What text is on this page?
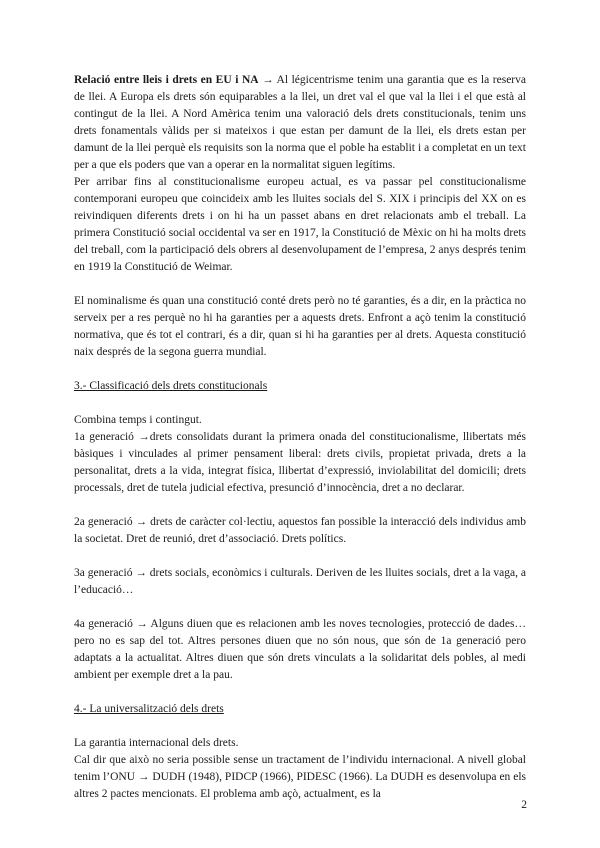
Relació entre lleis i drets en EU i NA → Al légicentrisme tenim una garantia que es la reserva de llei. A Europa els drets són equiparables a la llei, un dret val el que val la llei i el que està al contingut de la llei. A Nord Amèrica tenim una valoració dels drets constitucionals, tenim uns drets fonamentals vàlids per si mateixos i que estan per damunt de la llei, els drets estan per damunt de la llei perquè els requisits son la norma que el poble ha establit i a completat en un text per a que els poders que van a operar en la normalitat siguen legítims.

Per arribar fins al constitucionalisme europeu actual, es va passar pel constitucionalisme contemporani europeu que coincideix amb les lluites socials del S. XIX i principis del XX on es reivindiquen diferents drets i on hi ha un passet abans en dret relacionats amb el treball. La primera Constitució social occidental va ser en 1917, la Constitució de Mèxic on hi ha molts drets del treball, com la participació dels obrers al desenvolupament de l’empresa, 2 anys després tenim en 1919 la Constitució de Weimar.

El nominalisme és quan una constitució conté drets però no té garanties, és a dir, en la pràctica no serveix per a res perquè no hi ha garanties per a aquests drets. Enfront a açò tenim la constitució normativa, que és tot el contrari, és a dir, quan si hi ha garanties per al drets. Aquesta constitució naix després de la segona guerra mundial.

3.- Classificació dels drets constitucionals

Combina temps i contingut.

1a generació →drets consolidats durant la primera onada del constitucionalisme, llibertats més bàsiques i vinculades al primer pensament liberal: drets civils, propietat privada, drets a la personalitat, drets a la vida, integrat física, llibertat d’expressió, inviolabilitat del domicili; drets processals, dret de tutela judicial efectiva, presunció d’innocència, dret a no declarar.

2a generació → drets de caràcter col·lectiu, aquestos fan possible la interacció dels individus amb la societat. Dret de reunió, dret d’associació. Drets polítics.

3a generació → drets socials, econòmics i culturals. Deriven de les lluites socials, dret a la vaga, a l’educació…

4a generació → Alguns diuen que es relacionen amb les noves tecnologies, protecció de dades… pero no es sap del tot. Altres persones diuen que no són nous, que són de 1a generació pero adaptats a la actualitat. Altres diuen que són drets vinculats a la solidaritat dels pobles, al medi ambient per exemple dret a la pau.

4.- La universalització dels drets

La garantia internacional dels drets.

Cal dir que això no seria possible sense un tractament de l’individu internacional. A nivell global tenim l’ONU → DUDH (1948), PIDCP (1966), PIDESC (1966). La DUDH es desenvolupa en els altres 2 pactes mencionats. El problema amb açò, actualment, es la

2
